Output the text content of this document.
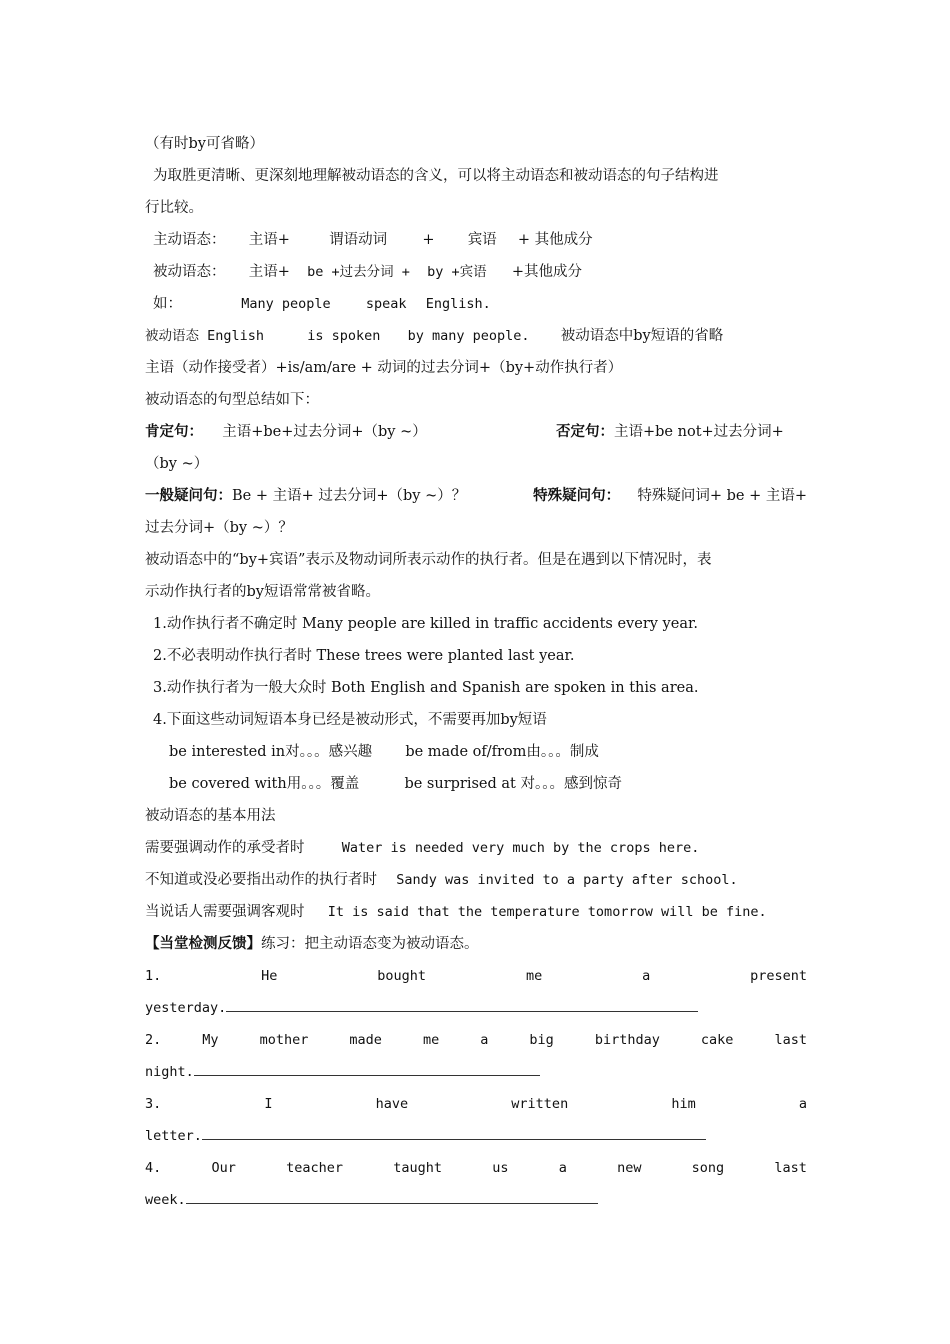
（有时by可省略）
为取胜更清晰、更深刻地理解被动语态的含义，可以将主动语态和被动语态的句子结构进
行比较。
主动语态： 主语+	谓语动词 + 宾语 + 其他成分
被动语态： 主语+ be +过去分词 + by +宾语 +其他成分
如：	Many people	speak English.
被动语态 English	is spoken by many people. 被动语态中by短语的省略
主语（动作接受者）+is/am/are + 动词的过去分词+（by+动作执行者）
被动语态的句型总结如下：
肯定句： 主语+be+过去分词+（by ~）	否定句：主语+be not+过去分词+
（by ~）
一般疑问句：Be + 主语+ 过去分词+（by ~）？	特殊疑问句： 特殊疑问词+ be + 主语+
过去分词+（by ~）？
被动语态中的“by+宾语”表示及物动词所表示动作的执行者。但是在遇到以下情况时，表
示动作执行者的by短语常常被省略。
1.动作执行者不确定时 Many people are killed in traffic accidents every year.
2.不必表明动作执行者时 These trees were planted last year.
3.动作执行者为一般大众时 Both English and Spanish are spoken in this area.
4.下面这些动词短语本身已经是被动形式，不需要再加by短语
be interested in对。。。感兴趣 be made of/from由。。。制成
be covered with用。。。覆盖	be surprised at 对。。。感到惊奇
被动语态的基本用法
需要强调动作的承受者时	Water is needed very much by the crops here.
不知道或没必要指出动作的执行者时 Sandy was invited to a party after school.
当说话人需要强调客观时 It is said that the temperature tomorrow will be fine.
【当堂检测反馈】练习：把主动语态变为被动语态。
1.	He	bought	me	a	present
yesterday.
2.	My	mother	made	me	a	big	birthday	cake	last
night.
3.	I	have	written	him	a
letter.
4.	Our	teacher	taught	us	a	new	song	last
week.
